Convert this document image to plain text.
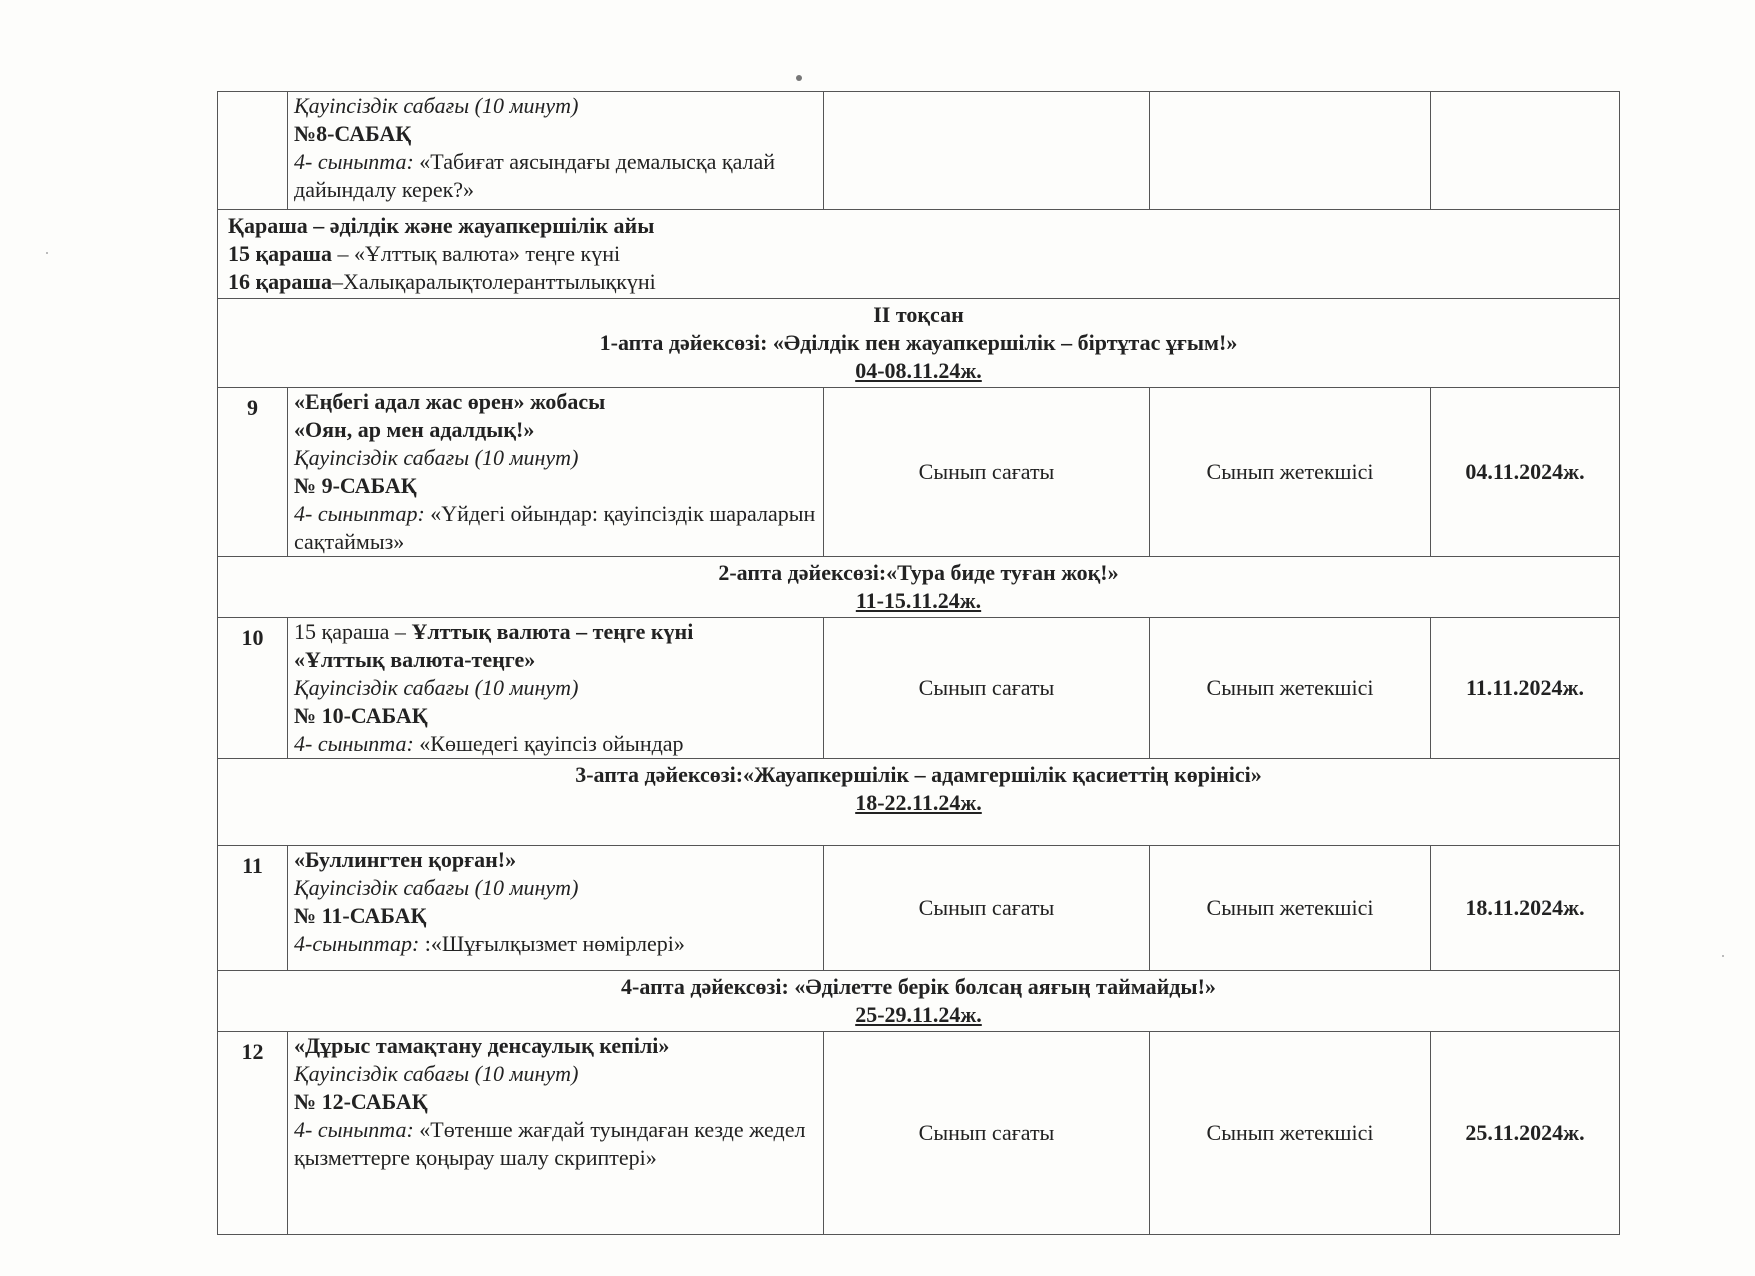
	Қауіпсіздік сабағы (10 минут)
№8-САБАҚ
4- сыныпта: «Табиғат аясындағы демалысқа қалай дайындалу керек?»			

Қараша – әділдік және жауапкершілік айы
15 қараша – «Ұлттық валюта» теңге күні
16 қараша–Халықаралықтолеранттылықкүні				

II тоқсан
1-апта дәйексөзі: «Әділдік пен жауапкершілік – біртұтас ұғым!»
04-08.11.24ж.				

9	«Еңбегі адал жас өрен» жобасы
«Оян, ар мен адалдық!»
Қауіпсіздік сабағы (10 минут)
№ 9-САБАҚ
4- сыныптар: «Үйдегі ойындар: қауіпсіздік шараларын сақтаймыз»	Сынып сағаты	Сынып жетекшісі	04.11.2024ж.

2-апта дәйексөзі:«Тура биде туған жоқ!»
11-15.11.24ж.				

10	15 қараша – Ұлттық валюта – теңге күні
«Ұлттық валюта-теңге»
Қауіпсіздік сабағы (10 минут)
№ 10-САБАҚ
4- сыныпта: «Көшедегі қауіпсіз ойындар	Сынып сағаты	Сынып жетекшісі	11.11.2024ж.

3-апта дәйексөзі:«Жауапкершілік – адамгершілік қасиеттің көрінісі»
18-22.11.24ж.				

11	«Буллингтен қорған!»
Қауіпсіздік сабағы (10 минут)
№ 11-САБАҚ
4-сыныптар: :«Шұғылқызмет нөмірлері»	Сынып сағаты	Сынып жетекшісі	18.11.2024ж.

4-апта дәйексөзі: «Әділетте берік болсаң аяғың таймайды!»
25-29.11.24ж.				

12	«Дұрыс тамақтану денсаулық кепілі»
Қауіпсіздік сабағы (10 минут)
№ 12-САБАҚ
4- сыныпта: «Төтенше жағдай туындаған кезде жедел қызметтерге қоңырау шалу скриптері»	Сынып сағаты	Сынып жетекшісі	25.11.2024ж.
